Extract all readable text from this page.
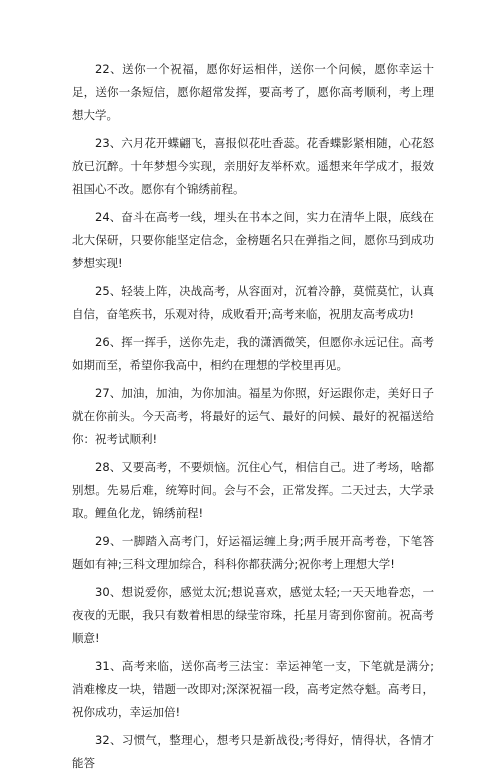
22、送你一个祝福，愿你好运相伴，送你一个问候，愿你幸运十足，送你一条短信，愿你超常发挥，要高考了，愿你高考顺利，考上理想大学。

23、六月花开蝶翩飞，喜报似花吐香蕊。花香蝶影紧相随，心花怒放已沉醉。十年梦想今实现，亲朋好友举杯欢。遥想来年学成才，报效祖国心不改。愿你有个锦绣前程。

24、奋斗在高考一线，埋头在书本之间，实力在清华上限，底线在北大保研，只要你能坚定信念，金榜题名只在弹指之间，愿你马到成功梦想实现!

25、轻装上阵，决战高考，从容面对，沉着冷静，莫慌莫忙，认真自信，奋笔疾书，乐观对待，成败看开;高考来临，祝朋友高考成功!

26、挥一挥手，送你先走，我的潇洒微笑，但愿你永远记住。高考如期而至，希望你我高中，相约在理想的学校里再见。

27、加油，加油，为你加油。福星为你照，好运跟你走，美好日子就在你前头。今天高考，将最好的运气、最好的问候、最好的祝福送给你：祝考试顺利!

28、又要高考，不要烦恼。沉住心气，相信自己。进了考场，啥都别想。先易后难，统筹时间。会与不会，正常发挥。二天过去，大学录取。鲤鱼化龙，锦绣前程!

29、一脚踏入高考门，好运福运缠上身;两手展开高考卷，下笔答题如有神;三科文理加综合，科科你都获满分;祝你考上理想大学!

30、想说爱你，感觉太沉;想说喜欢，感觉太轻;一天天地眷恋，一夜夜的无眠，我只有数着相思的绿莹帘珠，托星月寄到你窗前。祝高考顺意!

31、高考来临，送你高考三法宝：幸运神笔一支，下笔就是满分;消难橡皮一块，错题一改即对;深深祝福一段，高考定然夺魁。高考日，祝你成功，幸运加倍!

32、习惯气，整理心，想考只是新战役;考得好，情得状，各情才能答
